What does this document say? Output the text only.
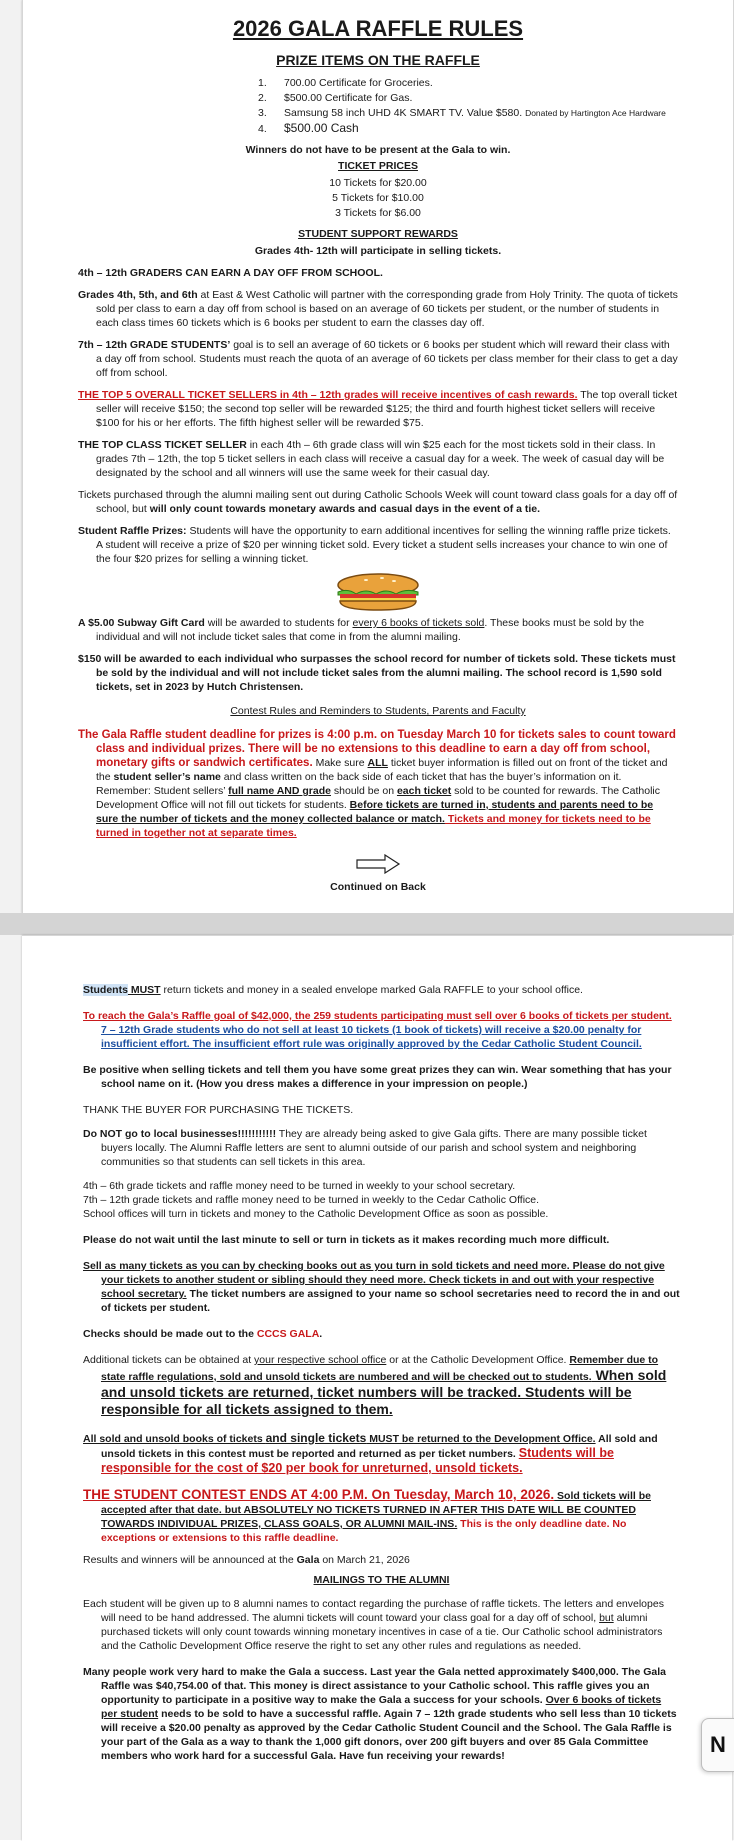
2026 GALA RAFFLE RULES

PRIZE ITEMS ON THE RAFFLE

1. 700.00 Certificate for Groceries.
2. $500.00 Certificate for Gas.
3. Samsung 58 inch UHD 4K SMART TV. Value $580. Donated by Hartington Ace Hardware
4. $500.00 Cash

Winners do not have to be present at the Gala to win.

TICKET PRICES

10 Tickets for $20.00

5 Tickets for $10.00

3 Tickets for $6.00

STUDENT SUPPORT REWARDS

Grades 4th- 12th will participate in selling tickets.

4th – 12th GRADERS CAN EARN A DAY OFF FROM SCHOOL.

Grades 4th, 5th, and 6th at East & West Catholic will partner with the corresponding grade from Holy Trinity. The quota of tickets sold per class to earn a day off from school is based on an average of 60 tickets per student, or the number of students in each class times 60 tickets which is 6 books per student to earn the classes day off.

7th – 12th GRADE STUDENTS’ goal is to sell an average of 60 tickets or 6 books per student which will reward their class with a day off from school. Students must reach the quota of an average of 60 tickets per class member for their class to get a day off from school.

THE TOP 5 OVERALL TICKET SELLERS in 4th – 12th grades will receive incentives of cash rewards. The top overall ticket seller will receive $150; the second top seller will be rewarded $125; the third and fourth highest ticket sellers will receive $100 for his or her efforts. The fifth highest seller will be rewarded $75.

THE TOP CLASS TICKET SELLER in each 4th – 6th grade class will win $25 each for the most tickets sold in their class. In grades 7th – 12th, the top 5 ticket sellers in each class will receive a casual day for a week. The week of casual day will be designated by the school and all winners will use the same week for their casual day.

Tickets purchased through the alumni mailing sent out during Catholic Schools Week will count toward class goals for a day off of school, but will only count towards monetary awards and casual days in the event of a tie.

Student Raffle Prizes: Students will have the opportunity to earn additional incentives for selling the winning raffle prize tickets. A student will receive a prize of $20 per winning ticket sold. Every ticket a student sells increases your chance to win one of the four $20 prizes for selling a winning ticket.

A $5.00 Subway Gift Card will be awarded to students for every 6 books of tickets sold. These books must be sold by the individual and will not include ticket sales that come in from the alumni mailing.

$150 will be awarded to each individual who surpasses the school record for number of tickets sold. These tickets must be sold by the individual and will not include ticket sales from the alumni mailing. The school record is 1,590 sold tickets, set in 2023 by Hutch Christensen.

Contest Rules and Reminders to Students, Parents and Faculty

The Gala Raffle student deadline for prizes is 4:00 p.m. on Tuesday March 10 for tickets sales to count toward class and individual prizes. There will be no extensions to this deadline to earn a day off from school, monetary gifts or sandwich certificates. Make sure ALL ticket buyer information is filled out on front of the ticket and the student seller’s name and class written on the back side of each ticket that has the buyer’s information on it. Remember: Student sellers’ full name AND grade should be on each ticket sold to be counted for rewards. The Catholic Development Office will not fill out tickets for students. Before tickets are turned in, students and parents need to be sure the number of tickets and the money collected balance or match. Tickets and money for tickets need to be turned in together not at separate times.

Continued on Back

Students MUST return tickets and money in a sealed envelope marked Gala RAFFLE to your school office.

To reach the Gala’s Raffle goal of $42,000, the 259 students participating must sell over 6 books of tickets per student. 7 – 12th Grade students who do not sell at least 10 tickets (1 book of tickets) will receive a $20.00 penalty for insufficient effort. The insufficient effort rule was originally approved by the Cedar Catholic Student Council.

Be positive when selling tickets and tell them you have some great prizes they can win. Wear something that has your school name on it. (How you dress makes a difference in your impression on people.)

THANK THE BUYER FOR PURCHASING THE TICKETS.

Do NOT go to local businesses!!!!!!!!!!! They are already being asked to give Gala gifts. There are many possible ticket buyers locally. The Alumni Raffle letters are sent to alumni outside of our parish and school system and neighboring communities so that students can sell tickets in this area.

4th – 6th grade tickets and raffle money need to be turned in weekly to your school secretary.

7th – 12th grade tickets and raffle money need to be turned in weekly to the Cedar Catholic Office.

School offices will turn in tickets and money to the Catholic Development Office as soon as possible.

Please do not wait until the last minute to sell or turn in tickets as it makes recording much more difficult.

Sell as many tickets as you can by checking books out as you turn in sold tickets and need more. Please do not give your tickets to another student or sibling should they need more. Check tickets in and out with your respective school secretary. The ticket numbers are assigned to your name so school secretaries need to record the in and out of tickets per student.

Checks should be made out to the CCCS GALA.

Additional tickets can be obtained at your respective school office or at the Catholic Development Office. Remember due to state raffle regulations, sold and unsold tickets are numbered and will be checked out to students. When sold and unsold tickets are returned, ticket numbers will be tracked. Students will be responsible for all tickets assigned to them.

All sold and unsold books of tickets and single tickets MUST be returned to the Development Office. All sold and unsold tickets in this contest must be reported and returned as per ticket numbers. Students will be responsible for the cost of $20 per book for unreturned, unsold tickets.

THE STUDENT CONTEST ENDS AT 4:00 P.M. On Tuesday, March 10, 2026. Sold tickets will be accepted after that date. but ABSOLUTELY NO TICKETS TURNED IN AFTER THIS DATE WILL BE COUNTED TOWARDS INDIVIDUAL PRIZES, CLASS GOALS, OR ALUMNI MAIL-INS. This is the only deadline date. No exceptions or extensions to this raffle deadline.

Results and winners will be announced at the Gala on March 21, 2026

MAILINGS TO THE ALUMNI

Each student will be given up to 8 alumni names to contact regarding the purchase of raffle tickets. The letters and envelopes will need to be hand addressed. The alumni tickets will count toward your class goal for a day off of school, but alumni purchased tickets will only count towards winning monetary incentives in case of a tie. Our Catholic school administrators and the Catholic Development Office reserve the right to set any other rules and regulations as needed.

Many people work very hard to make the Gala a success. Last year the Gala netted approximately $400,000. The Gala Raffle was $40,754.00 of that. This money is direct assistance to your Catholic school. This raffle gives you an opportunity to participate in a positive way to make the Gala a success for your schools. Over 6 books of tickets per student needs to be sold to have a successful raffle. Again 7 – 12th grade students who sell less than 10 tickets will receive a $20.00 penalty as approved by the Cedar Catholic Student Council and the School. The Gala Raffle is your part of the Gala as a way to thank the 1,000 gift donors, over 200 gift buyers and over 85 Gala Committee members who work hard for a successful Gala. Have fun receiving your rewards!	N
